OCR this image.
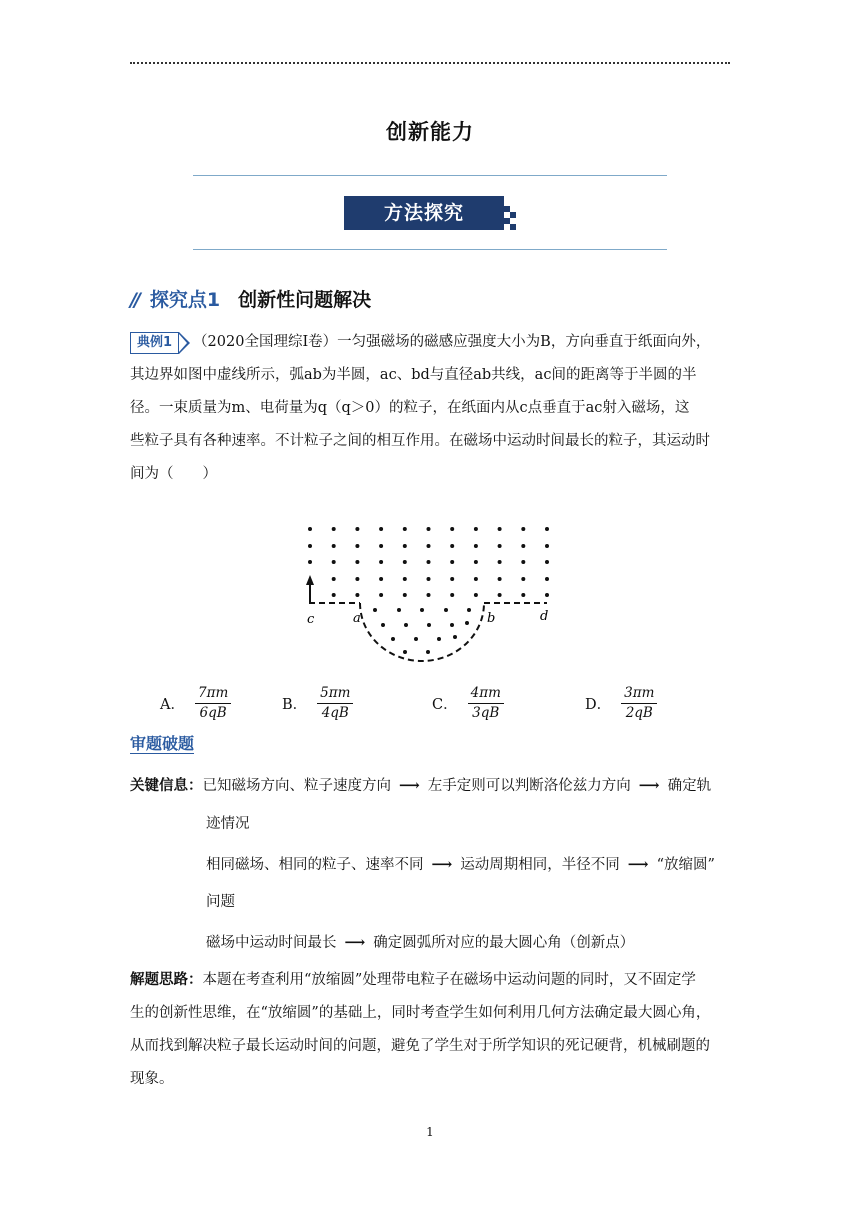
创新能力
方法探究
// 探究点1 创新性问题解决
典例1 （2020全国理综Ⅰ卷）一匀强磁场的磁感应强度大小为B，方向垂直于纸面向外，
其边界如图中虚线所示，弧ab为半圆，ac、bd与直径ab共线，ac间的距离等于半圆的半
径。一束质量为m、电荷量为q（q＞0）的粒子，在纸面内从c点垂直于ac射入磁场，这
些粒子具有各种速率。不计粒子之间的相互作用。在磁场中运动时间最长的粒子，其运动时
间为（　　）
c	a	b	d
A． $\frac{7\pi m}{6qB}$	B． $\frac{5\pi m}{4qB}$	C． $\frac{4\pi m}{3qB}$	D． $\frac{3\pi m}{2qB}$
审题破题
关键信息：已知磁场方向、粒子速度方向 ⟶ 左手定则可以判断洛伦兹力方向 ⟶ 确定轨
迹情况
相同磁场、相同的粒子、速率不同 ⟶ 运动周期相同，半径不同 ⟶ “放缩圆”
问题
磁场中运动时间最长 ⟶ 确定圆弧所对应的最大圆心角（创新点）
解题思路：本题在考查利用“放缩圆”处理带电粒子在磁场中运动问题的同时，又不固定学
生的创新性思维，在“放缩圆”的基础上，同时考查学生如何利用几何方法确定最大圆心角，
从而找到解决粒子最长运动时间的问题，避免了学生对于所学知识的死记硬背，机械刷题的
现象。
1
